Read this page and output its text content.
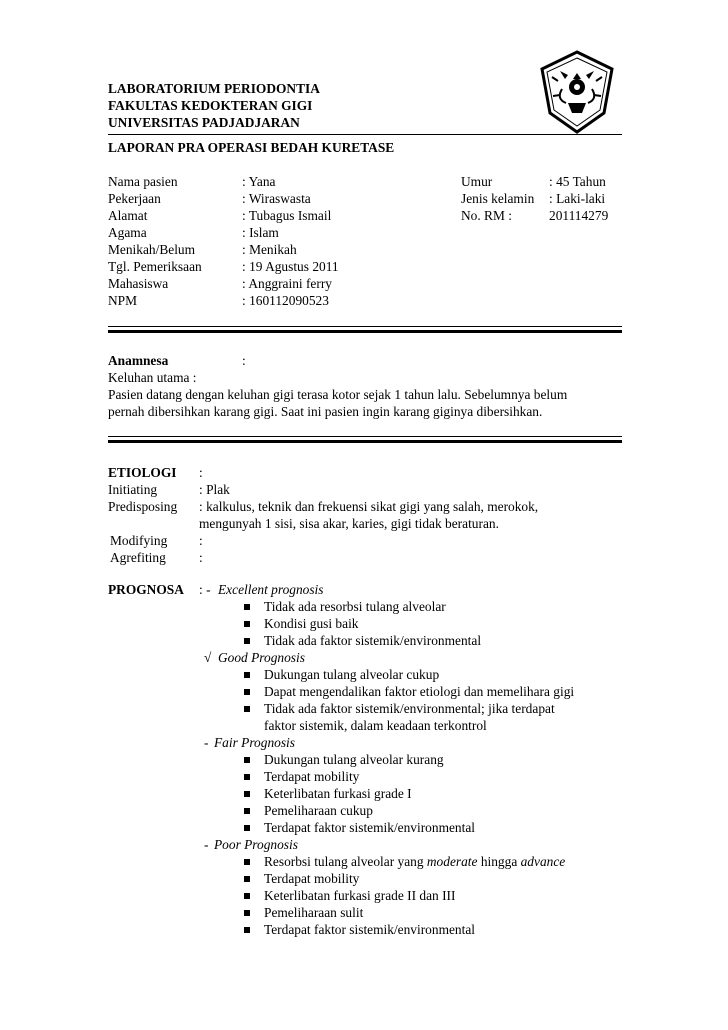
LABORATORIUM PERIODONTIA
FAKULTAS KEDOKTERAN GIGI
UNIVERSITAS PADJADJARAN
LAPORAN PRA OPERASI BEDAH KURETASE
Nama pasien	: Yana
Pekerjaan	: Wiraswasta
Alamat	: Tubagus Ismail
Agama	: Islam
Menikah/Belum	: Menikah
Tgl. Pemeriksaan	: 19 Agustus 2011
Mahasiswa	: Anggraini ferry
NPM	: 160112090523
Umur	: 45 Tahun
Jenis kelamin : Laki-laki
No. RM :	201114279
Anamnesa	:
Keluhan utama :
Pasien datang dengan keluhan gigi terasa kotor sejak 1 tahun lalu. Sebelumnya belum
pernah dibersihkan karang gigi. Saat ini pasien ingin karang giginya dibersihkan.
ETIOLOGI :
Initiating	: Plak
Predisposing : kalkulus, teknik dan frekuensi sikat gigi yang salah, merokok,
mengunyah 1 sisi, sisa akar, karies, gigi tidak beraturan.
Modifying :
Agrefiting :
PROGNOSA : - Excellent prognosis
Tidak ada resorbsi tulang alveolar
Kondisi gusi baik
Tidak ada faktor sistemik/environmental
√ Good Prognosis
Dukungan tulang alveolar cukup
Dapat mengendalikan faktor etiologi dan memelihara gigi
Tidak ada faktor sistemik/environmental; jika terdapat
faktor sistemik, dalam keadaan terkontrol
- Fair Prognosis
Dukungan tulang alveolar kurang
Terdapat mobility
Keterlibatan furkasi grade I
Pemeliharaan cukup
Terdapat faktor sistemik/environmental
- Poor Prognosis
Resorbsi tulang alveolar yang moderate hingga advance
Terdapat mobility
Keterlibatan furkasi grade II dan III
Pemeliharaan sulit
Terdapat faktor sistemik/environmental
